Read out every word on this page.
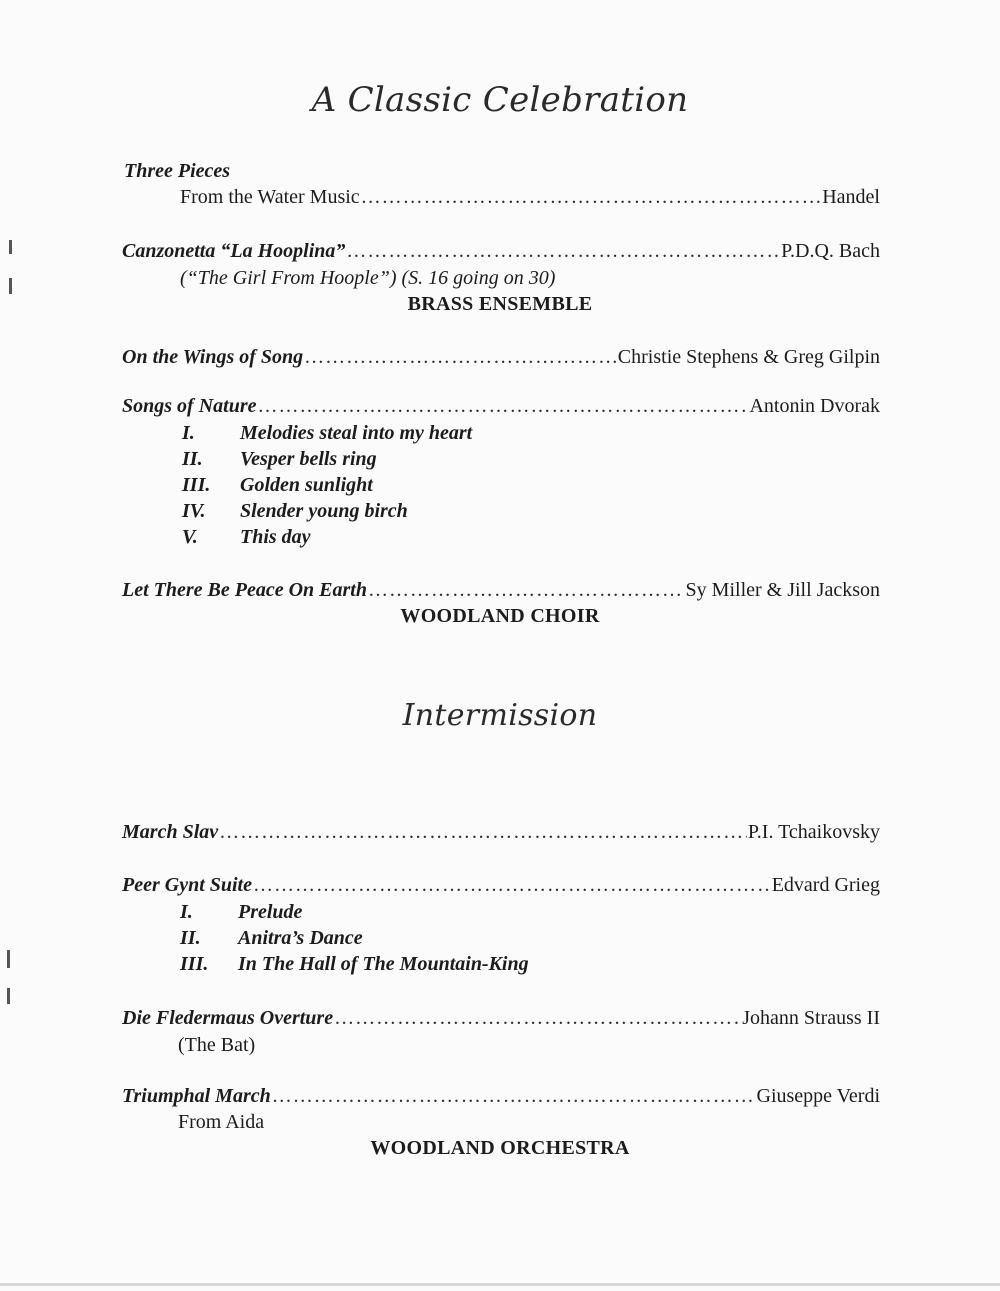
A Classic Celebration
Three Pieces
From the Water Music …………………………………………………………………………………………………………………………………………………………	Handel
Canzonetta “La Hooplina” …………………………………………………………………………………………………………………………………………………………	P.D.Q. Bach
(“The Girl From Hoople”) (S. 16 going on 30)
BRASS ENSEMBLE
On the Wings of Song …………………………………………………………………………………………………………………………………………………………	Christie Stephens & Greg Gilpin
Songs of Nature …………………………………………………………………………………………………………………………………………………………	Antonin Dvorak
I. Melodies steal into my heart
II. Vesper bells ring
III. Golden sunlight
IV. Slender young birch
V. This day
Let There Be Peace On Earth …………………………………………………………………………………………………………………………………………………………	Sy Miller & Jill Jackson
WOODLAND CHOIR
Intermission
March Slav …………………………………………………………………………………………………………………………………………………………	P.I. Tchaikovsky
Peer Gynt Suite …………………………………………………………………………………………………………………………………………………………	Edvard Grieg
I. Prelude
II. Anitra’s Dance
III. In The Hall of The Mountain-King
Die Fledermaus Overture …………………………………………………………………………………………………………………………………………………………	Johann Strauss II
(The Bat)
Triumphal March …………………………………………………………………………………………………………………………………………………………	Giuseppe Verdi
From Aida
WOODLAND ORCHESTRA
